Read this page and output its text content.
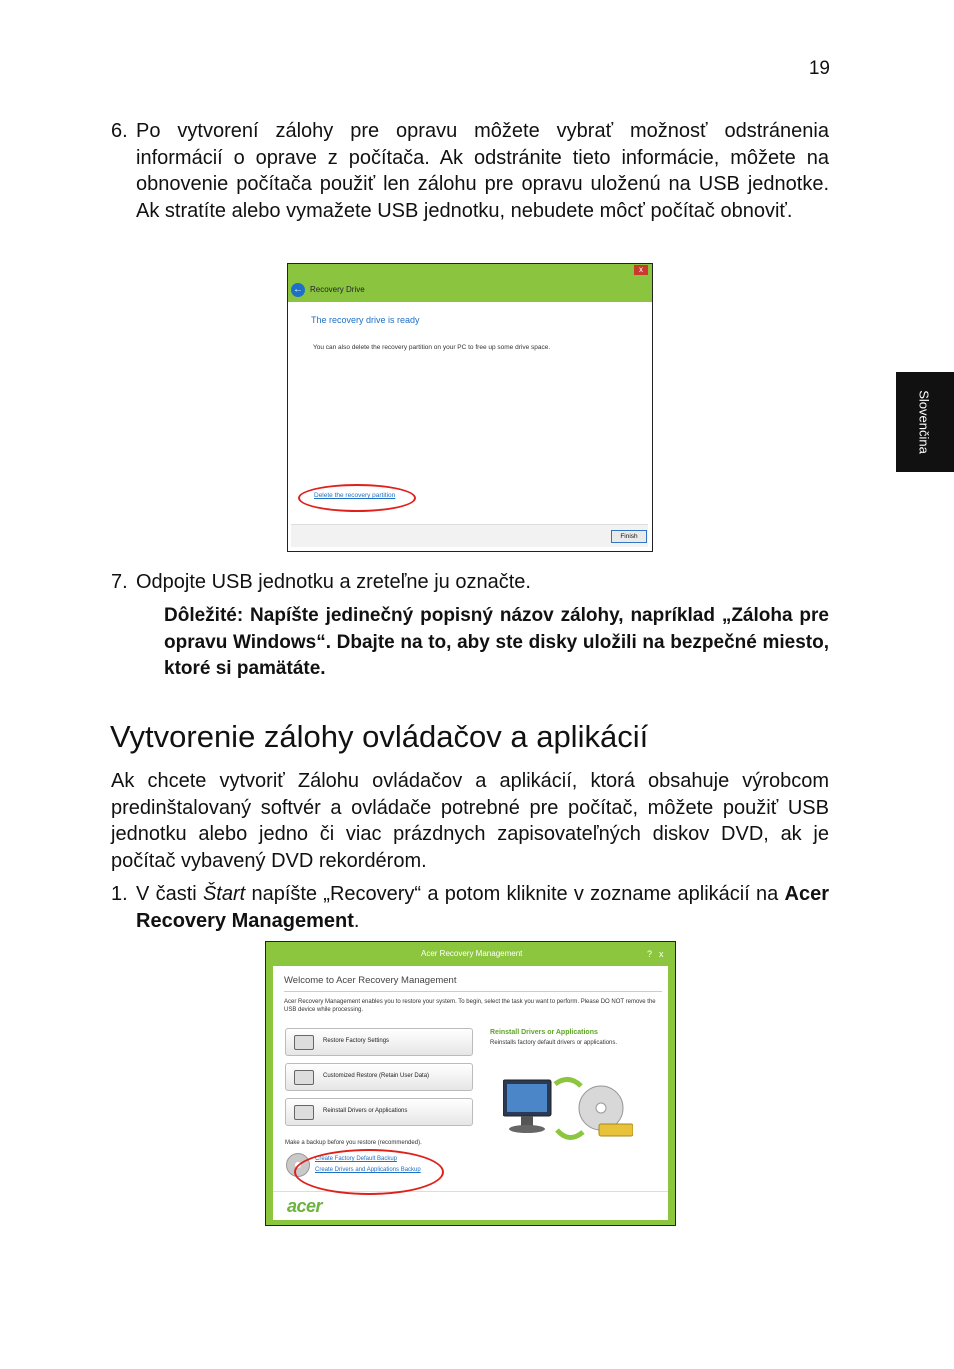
19
Slovenčina
6. Po vytvorení zálohy pre opravu môžete vybrať možnosť odstránenia informácií o oprave z počítača. Ak odstránite tieto informácie, môžete na obnovenie počítača použiť len zálohu pre opravu uloženú na USB jednotke. Ak stratíte alebo vymažete USB jednotku, nebudete môcť počítač obnoviť.
x
← Recovery Drive
The recovery drive is ready
You can also delete the recovery partition on your PC to free up some drive space.
Delete the recovery partition
Finish
7. Odpojte USB jednotku a zreteľne ju označte.
Dôležité: Napíšte jedinečný popisný názov zálohy, napríklad „Záloha pre opravu Windows“. Dbajte na to, aby ste disky uložili na bezpečné miesto, ktoré si pamätáte.
Vytvorenie zálohy ovládačov a aplikácií
Ak chcete vytvoriť Zálohu ovládačov a aplikácií, ktorá obsahuje výrobcom predinštalovaný softvér a ovládače potrebné pre počítač, môžete použiť USB jednotku alebo jedno či viac prázdnych zapisovateľných diskov DVD, ak je počítač vybavený DVD rekordérom.
1. V časti Štart napíšte „Recovery“ a potom kliknite v zozname aplikácií na Acer Recovery Management.
Acer Recovery Management	? x
Welcome to Acer Recovery Management
Acer Recovery Management enables you to restore your system. To begin, select the task you want to perform. Please DO NOT remove the USB device while processing.
Restore Factory Settings
Customized Restore (Retain User Data)
Reinstall Drivers or Applications
Reinstall Drivers or Applications
Reinstalls factory default drivers or applications.
Make a backup before you restore (recommended).
Create Factory Default Backup
Create Drivers and Applications Backup
acer
